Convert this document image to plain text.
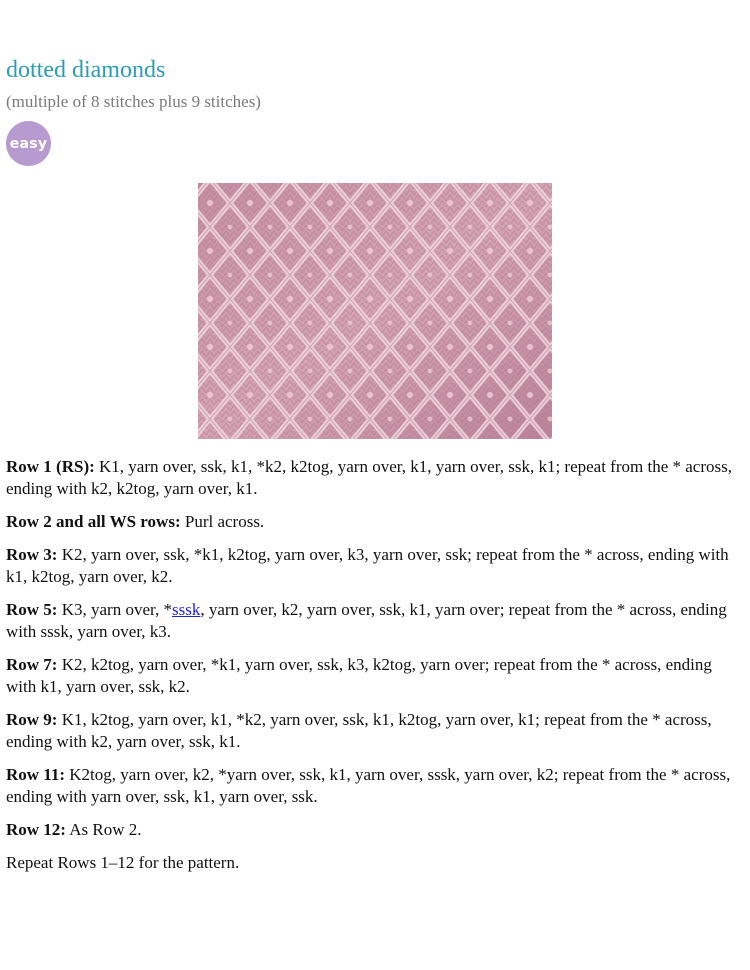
dotted diamonds
(multiple of 8 stitches plus 9 stitches)
easy

Row 1 (RS): K1, yarn over, ssk, k1, *k2, k2tog, yarn over, k1, yarn over, ssk, k1; repeat from the * across, ending with k2, k2tog, yarn over, k1.

Row 2 and all WS rows: Purl across.

Row 3: K2, yarn over, ssk, *k1, k2tog, yarn over, k3, yarn over, ssk; repeat from the * across, ending with k1, k2tog, yarn over, k2.

Row 5: K3, yarn over, *sssk, yarn over, k2, yarn over, ssk, k1, yarn over; repeat from the * across, ending with sssk, yarn over, k3.

Row 7: K2, k2tog, yarn over, *k1, yarn over, ssk, k3, k2tog, yarn over; repeat from the * across, ending with k1, yarn over, ssk, k2.

Row 9: K1, k2tog, yarn over, k1, *k2, yarn over, ssk, k1, k2tog, yarn over, k1; repeat from the * across, ending with k2, yarn over, ssk, k1.

Row 11: K2tog, yarn over, k2, *yarn over, ssk, k1, yarn over, sssk, yarn over, k2; repeat from the * across, ending with yarn over, ssk, k1, yarn over, ssk.

Row 12: As Row 2.

Repeat Rows 1–12 for the pattern.
